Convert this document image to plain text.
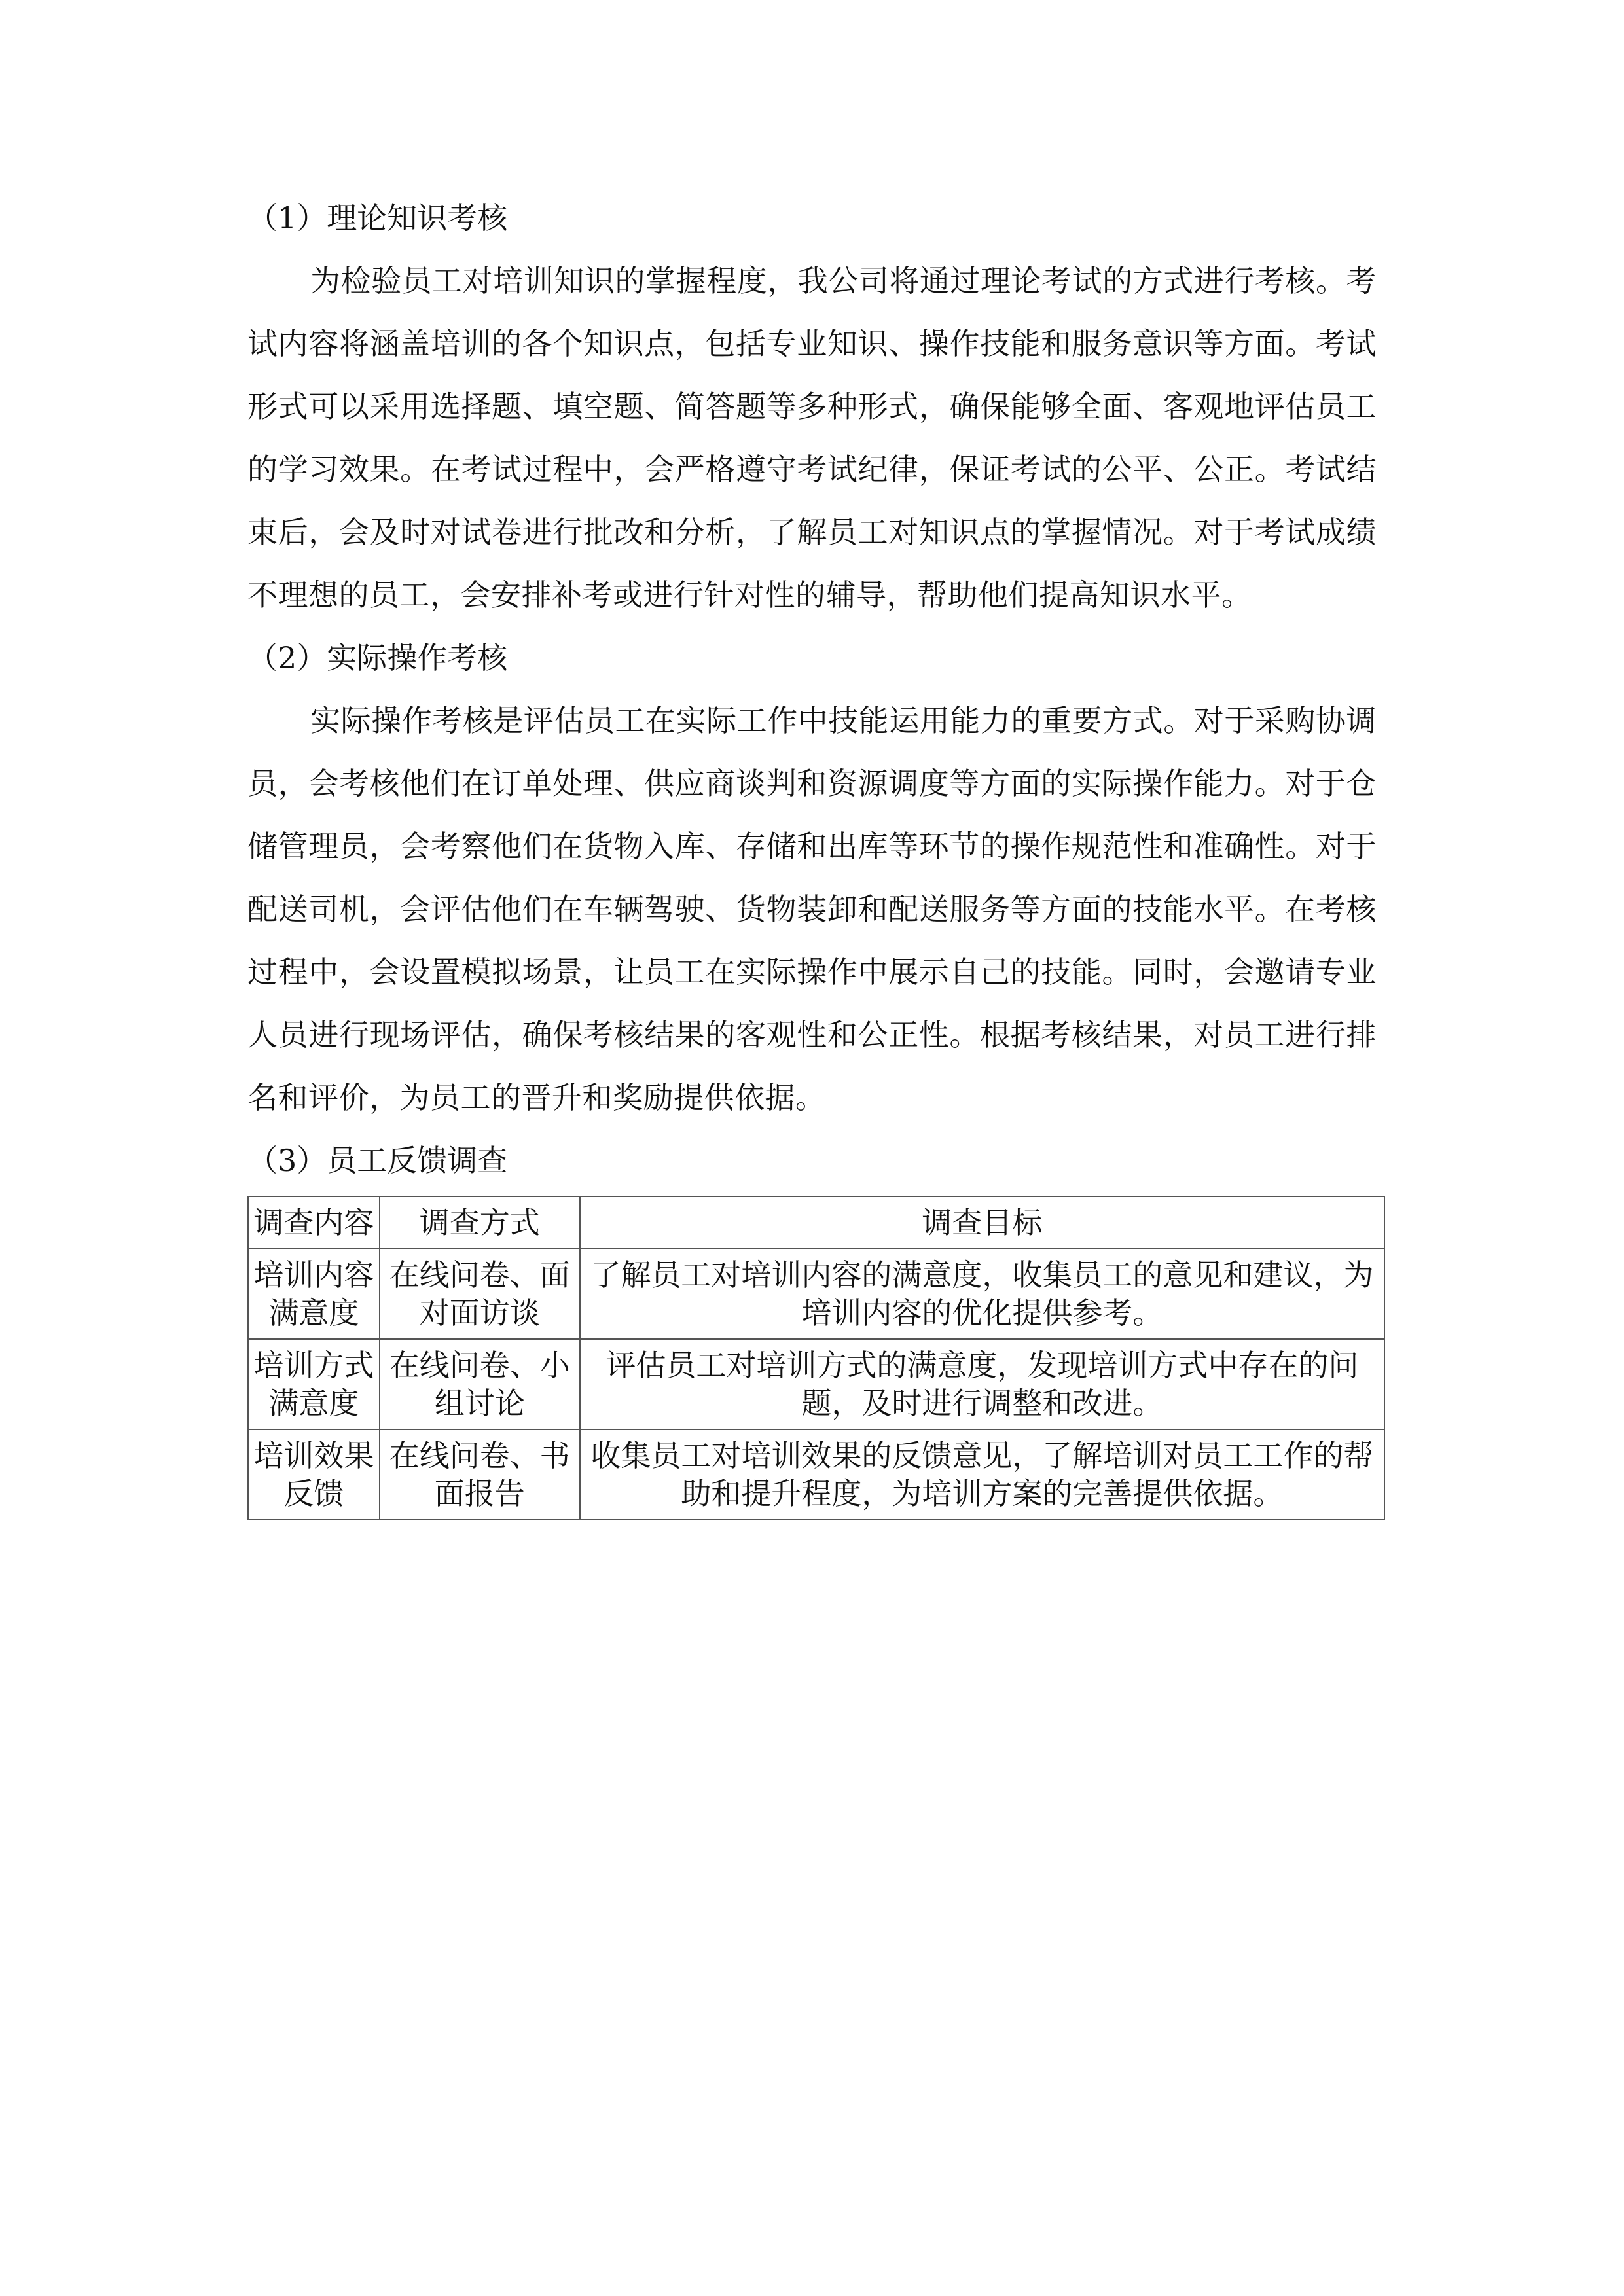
（1）理论知识考核

为检验员工对培训知识的掌握程度，我公司将通过理论考试的方式进行考核。考试内容将涵盖培训的各个知识点，包括专业知识、操作技能和服务意识等方面。考试形式可以采用选择题、填空题、简答题等多种形式，确保能够全面、客观地评估员工的学习效果。在考试过程中，会严格遵守考试纪律，保证考试的公平、公正。考试结束后，会及时对试卷进行批改和分析，了解员工对知识点的掌握情况。对于考试成绩不理想的员工，会安排补考或进行针对性的辅导，帮助他们提高知识水平。

（2）实际操作考核

实际操作考核是评估员工在实际工作中技能运用能力的重要方式。对于采购协调员，会考核他们在订单处理、供应商谈判和资源调度等方面的实际操作能力。对于仓储管理员，会考察他们在货物入库、存储和出库等环节的操作规范性和准确性。对于配送司机，会评估他们在车辆驾驶、货物装卸和配送服务等方面的技能水平。在考核过程中，会设置模拟场景，让员工在实际操作中展示自己的技能。同时，会邀请专业人员进行现场评估，确保考核结果的客观性和公正性。根据考核结果，对员工进行排名和评价，为员工的晋升和奖励提供依据。

（3）员工反馈调查

调查内容	调查方式	调查目标
培训内容满意度	在线问卷、面对面访谈	了解员工对培训内容的满意度，收集员工的意见和建议，为培训内容的优化提供参考。
培训方式满意度	在线问卷、小组讨论	评估员工对培训方式的满意度，发现培训方式中存在的问题，及时进行调整和改进。
培训效果反馈	在线问卷、书面报告	收集员工对培训效果的反馈意见，了解培训对员工工作的帮助和提升程度，为培训方案的完善提供依据。
